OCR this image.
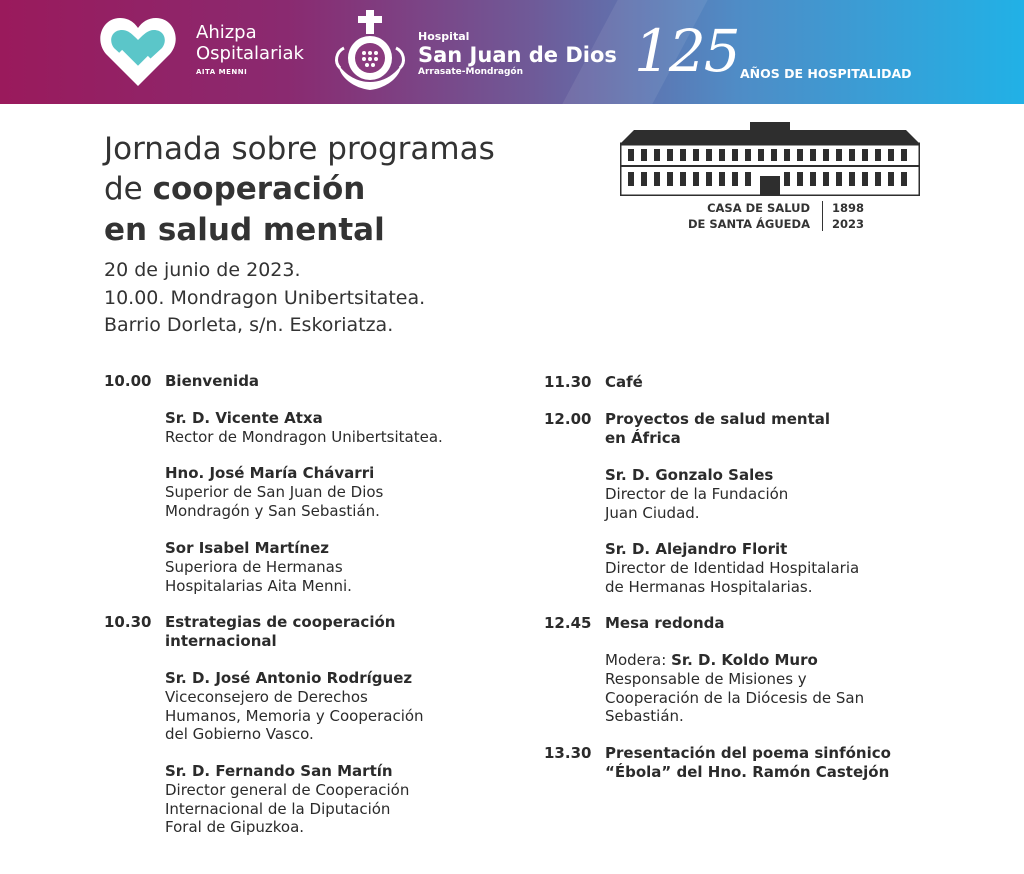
Ahizpa
Ospitalariak
AITA MENNI
Hospital
San Juan de Dios
Arrasate-Mondragón	125 AÑOS DE HOSPITALIDAD
Jornada sobre programas
de cooperación
en salud mental
20 de junio de 2023.
10.00. Mondragon Unibertsitatea.
Barrio Dorleta, s/n. Eskoriatza.
CASA DE SALUD
DE SANTA ÁGUEDA
1898
2023
10.00 Bienvenida
Sr. D. Vicente Atxa
Rector de Mondragon Unibertsitatea.
Hno. José María Chávarri
Superior de San Juan de Dios
Mondragón y San Sebastián.
Sor Isabel Martínez
Superiora de Hermanas
Hospitalarias Aita Menni.
10.30 Estrategias de cooperación
internacional
Sr. D. José Antonio Rodríguez
Viceconsejero de Derechos
Humanos, Memoria y Cooperación
del Gobierno Vasco.
Sr. D. Fernando San Martín
Director general de Cooperación
Internacional de la Diputación
Foral de Gipuzkoa.
11.30 Café
12.00 Proyectos de salud mental
en África
Sr. D. Gonzalo Sales
Director de la Fundación
Juan Ciudad.
Sr. D. Alejandro Florit
Director de Identidad Hospitalaria
de Hermanas Hospitalarias.
12.45 Mesa redonda
Modera: Sr. D. Koldo Muro
Responsable de Misiones y
Cooperación de la Diócesis de San
Sebastián.
13.30 Presentación del poema sinfónico
“Ébola” del Hno. Ramón Castejón
